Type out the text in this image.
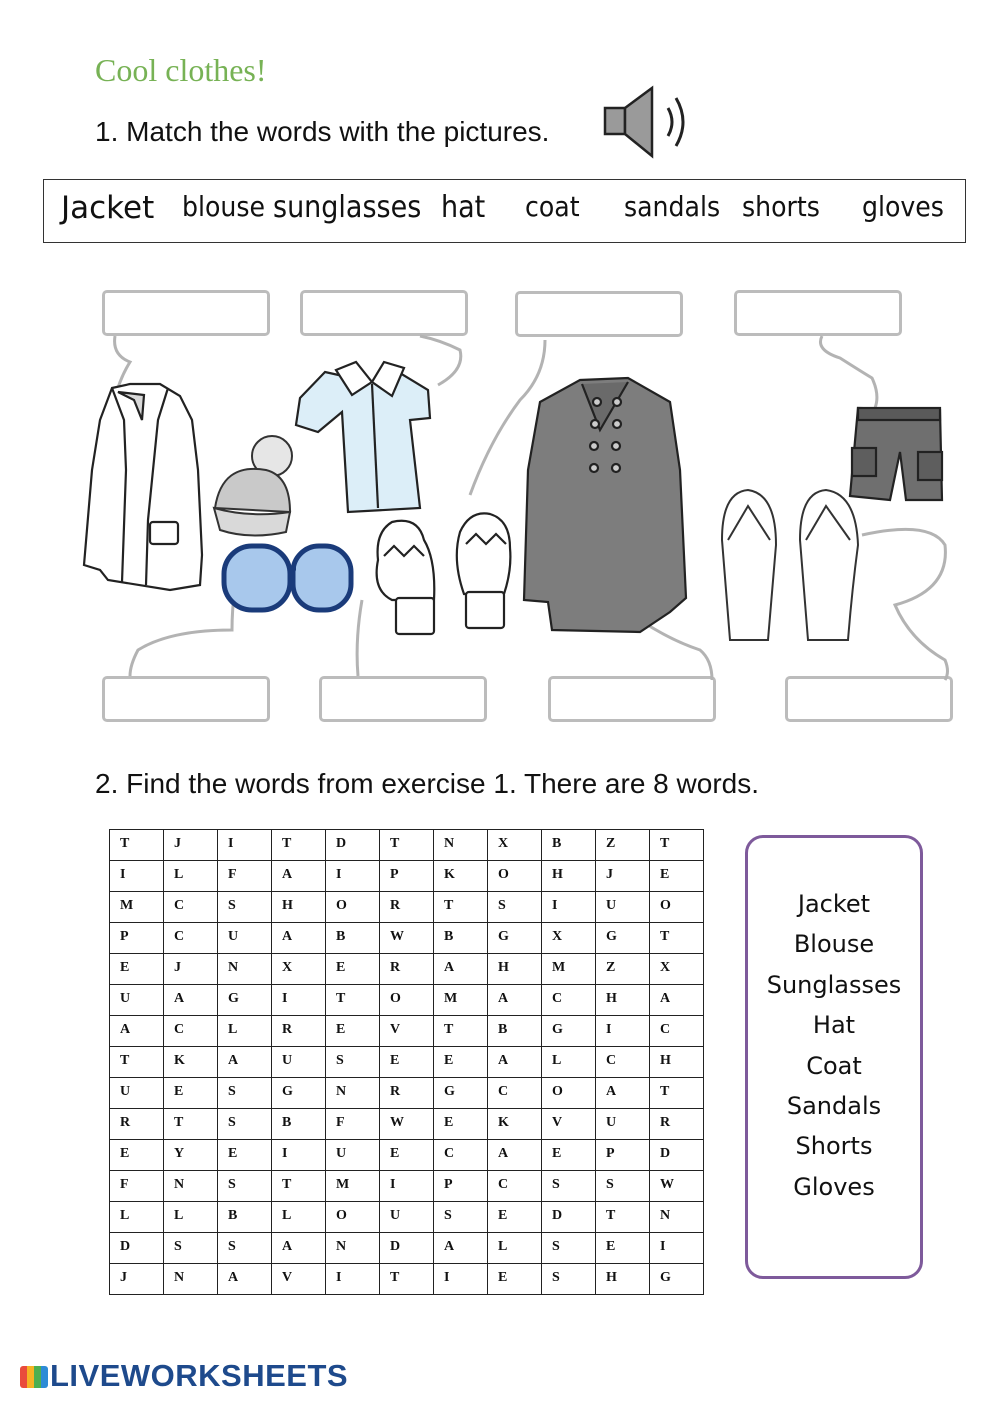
Cool clothes!
1. Match the words with the pictures.
Jacket blouse sunglasses hat coat sandals shorts gloves
2. Find the words from exercise 1. There are 8 words.
T	J	I	T	D	T	N	X	B	Z	T
I	L	F	A	I	P	K	O	H	J	E
M	C	S	H	O	R	T	S	I	U	O
P	C	U	A	B	W	B	G	X	G	T
E	J	N	X	E	R	A	H	M	Z	X
U	A	G	I	T	O	M	A	C	H	A
A	C	L	R	E	V	T	B	G	I	C
T	K	A	U	S	E	E	A	L	C	H
U	E	S	G	N	R	G	C	O	A	T
R	T	S	B	F	W	E	K	V	U	R
E	Y	E	I	U	E	C	A	E	P	D
F	N	S	T	M	I	P	C	S	S	W
L	L	B	L	O	U	S	E	D	T	N
D	S	S	A	N	D	A	L	S	E	I
J	N	A	V	I	T	I	E	S	H	G
Jacket
Blouse
Sunglasses
Hat
Coat
Sandals
Shorts
Gloves
LIVEWORKSHEETS
